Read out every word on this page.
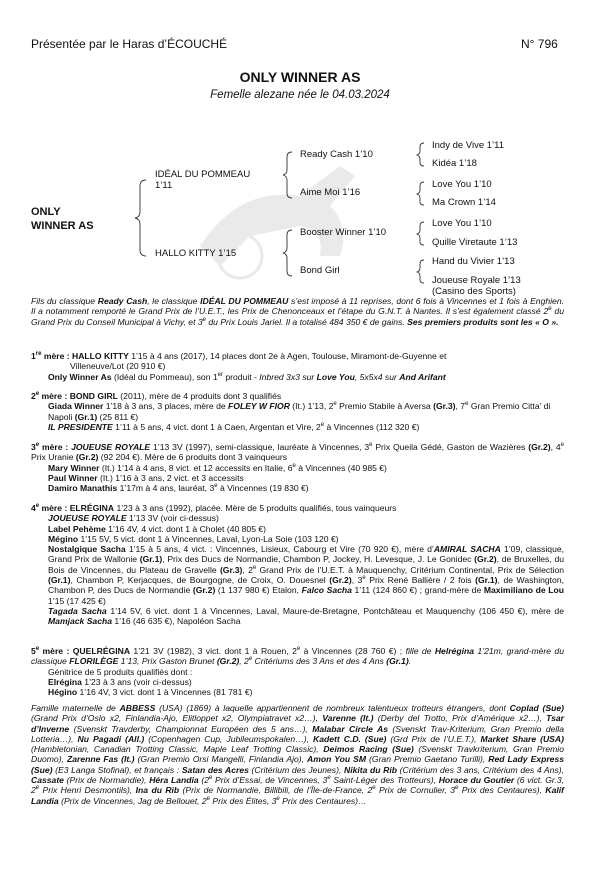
Présentée par le Haras d’ÉCOUCHÉ	N° 796
ONLY WINNER AS
Femelle alezane née le 04.03.2024
ONLY
WINNER AS
IDÉAL DU POMMEAU
1’11
HALLO KITTY 1’15
Ready Cash 1’10
Aime Moi 1’16
Booster Winner 1’10
Bond Girl
Indy de Vive 1’11
Kidéa 1’18
Love You 1’10
Ma Crown 1’14
Love You 1’10
Quille Viretaute 1’13
Hand du Vivier 1’13
Joueuse Royale 1’13
(Casino des Sports)
Fils du classique Ready Cash, le classique IDÉAL DU POMMEAU s’est imposé à 11 reprises, dont 6 fois à Vincennes et 1 fois à Enghien. Il a notamment remporté le Grand Prix de l’U.E.T., les Prix de Chenonceaux et l’étape du G.N.T. à Nantes. Il s’est également classé 2e du Grand Prix du Conseil Municipal à Vichy, et 3e du Prix Louis Jariel. Il a totalisé 484 350 € de gains. Ses premiers produits sont les « O ».

1re mère : HALLO KITTY 1’15 à 4 ans (2017), 14 places dont 2e à Agen, Toulouse, Miramont-de-Guyenne et

Villeneuve/Lot (20 910 €)

Only Winner As (Idéal du Pommeau), son 1er produit - Inbred 3x3 sur Love You, 5x5x4 sur And Arifant

2e mère : BOND GIRL (2011), mère de 4 produits dont 3 qualifiés

Giada Winner 1’18 à 3 ans, 3 places, mère de FOLEY W FIOR (It.) 1’13, 2e Premio Stabile à Aversa (Gr.3), 7e Gran Premio Citta’ di Napoli (Gr.1) (25 811 €)

IL PRESIDENTE 1’11 à 5 ans, 4 vict. dont 1 à Caen, Argentan et Vire, 2e à Vincennes (112 320 €)

3e mère : JOUEUSE ROYALE 1’13 3V (1997), semi-classique, lauréate à Vincennes, 3e Prix Queila Gédé, Gaston de Wazières (Gr.2), 4e Prix Uranie (Gr.2) (92 204 €). Mère de 6 produits dont 3 vainqueurs

Mary Winner (It.) 1’14 à 4 ans, 8 vict. et 12 accessits en Italie, 6e à Vincennes (40 985 €)

Paul Winner (It.) 1’16 à 3 ans, 2 vict. et 3 accessits

Damiro Manathis 1’17m à 4 ans, lauréat, 3e à Vincennes (19 830 €)

4e mère : ELRÉGINA 1’23 à 3 ans (1992), placée. Mère de 5 produits qualifiés, tous vainqueurs

JOUEUSE ROYALE 1’13 3V (voir ci-dessus)

Label Pehème 1’16 4V, 4 vict. dont 1 à Cholet (40 805 €)

Mégino 1’15 5V, 5 vict. dont 1 à Vincennes, Laval, Lyon-La Soie (103 120 €)

Nostalgique Sacha 1’15 à 5 ans, 4 vict. : Vincennes, Lisieux, Cabourg et Vire (70 920 €), mère d’AMIRAL SACHA 1’09, classique, Grand Prix de Wallonie (Gr.1), Prix des Ducs de Normandie, Chambon P, Jockey, H. Levesque, J. Le Gonidec (Gr.2), de Bruxelles, du Bois de Vincennes, du Plateau de Gravelle (Gr.3), 2e Grand Prix de l’U.E.T. à Mauquenchy, Critérium Continental, Prix de Sélection (Gr.1), Chambon P, Kerjacques, de Bourgogne, de Croix, O. Douesnel (Gr.2), 3e Prix René Ballière / 2 fois (Gr.1), de Washington, Chambon P, des Ducs de Normandie (Gr.2) (1 137 980 €) Etalon, Falco Sacha 1’11 (124 860 €) ; grand-mère de Maximiliano de Lou 1’15 (17 425 €)

Tagada Sacha 1’14 5V, 6 vict. dont 1 à Vincennes, Laval, Maure-de-Bretagne, Pontchâteau et Mauquenchy (106 450 €), mère de Mamjack Sacha 1’16 (46 635 €), Napoléon Sacha

5e mère : QUELRÉGINA 1’21 3V (1982), 3 vict. dont 1 à Rouen, 2e à Vincennes (28 760 €) ; fille de Helrégina 1’21m, grand-mère du classique FLORILÈGE 1’13, Prix Gaston Brunet (Gr.2), 2e Critériums des 3 Ans et des 4 Ans (Gr.1).

Génitrice de 5 produits qualifiés dont :

Elrégina 1’23 à 3 ans (voir ci-dessus)

Hégino 1’16 4V, 3 vict. dont 1 à Vincennes (81 781 €)

Famille maternelle de ABBESS (USA) (1869) à laquelle appartiennent de nombreux talentueux trotteurs étrangers, dont Coplad (Sue) (Grand Prix d’Oslo x2, Finlandia-Ajo, Elitloppet x2, Olympiatravet x2…), Varenne (It.) (Derby del Trotto, Prix d’Amérique x2…), Tsar d’Inverne (Svenskt Travderby, Championnat Européen des 5 ans…), Malabar Circle As (Svenskt Trav-Kriterium, Gran Premio della Lotteria…), Nu Pagadi (All.) (Copenhagen Cup, Jubileumspokalen…), Kadett C.D. (Sue) (Grd Prix de l’U.E.T.), Market Share (USA) (Hambletonian, Canadian Trotting Classic, Maple Leaf Trotting Classic), Deimos Racing (Sue) (Svenskt Travkriterium, Gran Premio Duomo), Zarenne Fas (It.) (Gran Premio Orsi Mangelli, Finlandia Ajo), Amon You SM (Gran Premio Gaetano Turilli), Red Lady Express (Sue) (E3 Langa Stofinal), et français : Satan des Acres (Critérium des Jeunes), Nikita du Rib (Critérium des 3 ans, Critérium des 4 Ans), Cassate (Prix de Normandie), Héra Landia (2e Prix d’Essai, de Vincennes, 3e Saint-Léger des Trotteurs), Horace du Goutier (6 vict. Gr.3, 2e Prix Henri Desmontils), Ina du Rib (Prix de Normandie, Billibili, de l’Île-de-France, 2e Prix de Cornulier, 3e Prix des Centaures), Kalif Landia (Prix de Vincennes, Jag de Bellouet, 2e Prix des Élites, 3e Prix des Centaures)…
